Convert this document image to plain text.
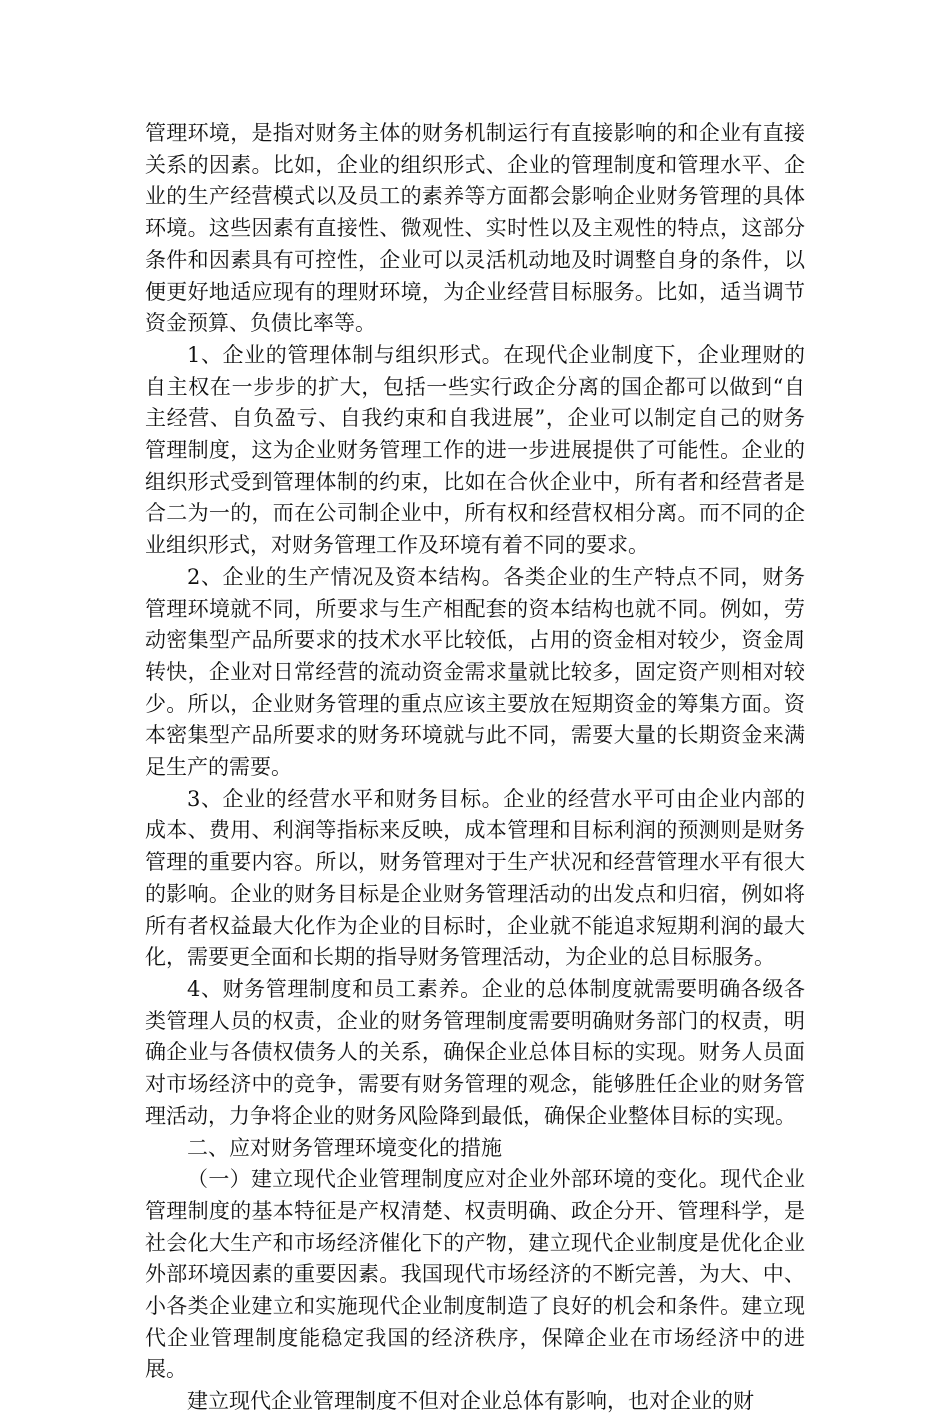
管理环境，是指对财务主体的财务机制运行有直接影响的和企业有直接关系的因素。比如，企业的组织形式、企业的管理制度和管理水平、企业的生产经营模式以及员工的素养等方面都会影响企业财务管理的具体环境。这些因素有直接性、微观性、实时性以及主观性的特点，这部分条件和因素具有可控性，企业可以灵活机动地及时调整自身的条件，以便更好地适应现有的理财环境，为企业经营目标服务。比如，适当调节资金预算、负债比率等。

1、企业的管理体制与组织形式。在现代企业制度下，企业理财的自主权在一步步的扩大，包括一些实行政企分离的国企都可以做到“自主经营、自负盈亏、自我约束和自我进展”，企业可以制定自己的财务管理制度，这为企业财务管理工作的进一步进展提供了可能性。企业的组织形式受到管理体制的约束，比如在合伙企业中，所有者和经营者是合二为一的，而在公司制企业中，所有权和经营权相分离。而不同的企业组织形式，对财务管理工作及环境有着不同的要求。

2、企业的生产情况及资本结构。各类企业的生产特点不同，财务管理环境就不同，所要求与生产相配套的资本结构也就不同。例如，劳动密集型产品所要求的技术水平比较低，占用的资金相对较少，资金周转快，企业对日常经营的流动资金需求量就比较多，固定资产则相对较少。所以，企业财务管理的重点应该主要放在短期资金的筹集方面。资本密集型产品所要求的财务环境就与此不同，需要大量的长期资金来满足生产的需要。

3、企业的经营水平和财务目标。企业的经营水平可由企业内部的成本、费用、利润等指标来反映，成本管理和目标利润的预测则是财务管理的重要内容。所以，财务管理对于生产状况和经营管理水平有很大的影响。企业的财务目标是企业财务管理活动的出发点和归宿，例如将所有者权益最大化作为企业的目标时，企业就不能追求短期利润的最大化，需要更全面和长期的指导财务管理活动，为企业的总目标服务。

4、财务管理制度和员工素养。企业的总体制度就需要明确各级各类管理人员的权责，企业的财务管理制度需要明确财务部门的权责，明确企业与各债权债务人的关系，确保企业总体目标的实现。财务人员面对市场经济中的竞争，需要有财务管理的观念，能够胜任企业的财务管理活动，力争将企业的财务风险降到最低，确保企业整体目标的实现。

二、应对财务管理环境变化的措施

（一）建立现代企业管理制度应对企业外部环境的变化。现代企业管理制度的基本特征是产权清楚、权责明确、政企分开、管理科学，是社会化大生产和市场经济催化下的产物，建立现代企业制度是优化企业外部环境因素的重要因素。我国现代市场经济的不断完善，为大、中、小各类企业建立和实施现代企业制度制造了良好的机会和条件。建立现代企业管理制度能稳定我国的经济秩序，保障企业在市场经济中的进展。

建立现代企业管理制度不但对企业总体有影响，也对企业的财
